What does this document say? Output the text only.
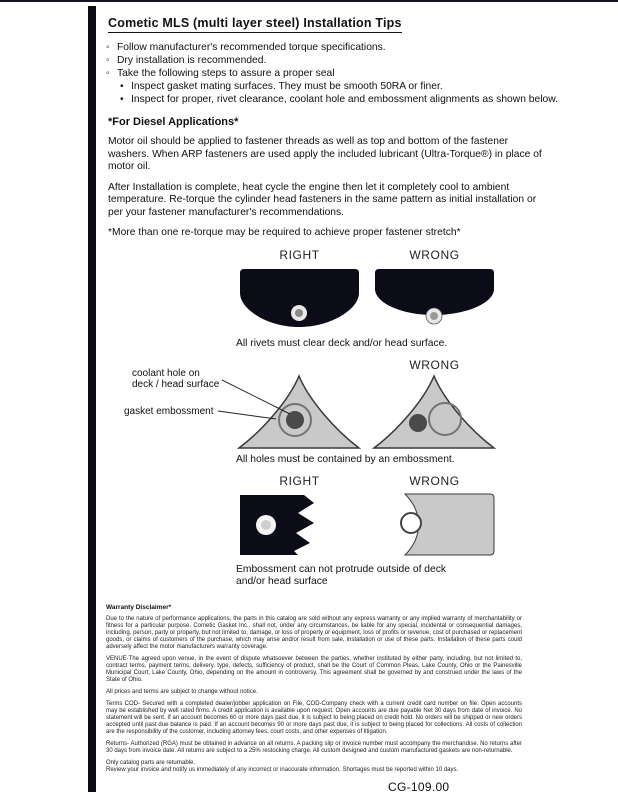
Cometic MLS (multi layer steel) Installation Tips
◦
Follow manufacturer's recommended torque specifications.
◦
Dry installation is recommended.
◦
Take the following steps to assure a proper seal
•
Inspect gasket mating surfaces. They must be smooth 50RA or finer.
•
Inspect for proper, rivet clearance, coolant hole and embossment alignments as shown below.
*For Diesel Applications*

Motor oil should be applied to fastener threads as well as top and bottom of the fastener washers. When ARP fasteners are used apply the included lubricant (Ultra-Torque®) in place of motor oil.

After Installation is complete, heat cycle the engine then let it completely cool to ambient temperature. Re-torque the cylinder head fasteners in the same pattern as initial installation or per your fastener manufacturer's recommendations.

*More than one re-torque may be required to achieve proper fastener stretch*

RIGHT	WRONG
All rivets must clear deck and/or head surface.
WRONG
All holes must be contained by an embossment.
coolant hole on
deck / head surface
gasket embossment
RIGHT	WRONG
Embossment can not protrude outside of deck
and/or head surface
Warranty Disclaimer*

Due to the nature of performance applications, the parts in this catalog are sold without any express warranty or any implied warranty of merchantability or fitness for a particular purpose. Cometic Gasket Inc., shall not, under any circumstances, be liable for any special, incidental or consequential damages, including, person, party or property, but not limited to, damage, or loss of property or equipment, loss of profits or revenue, cost of purchased or replacement goods, or claims of customers of the purchase, which may arise and/or result from sale, installation or use of these parts. Installation of these parts could adversely affect the motor manufacturers warranty coverage.

VENUE-The agreed upon venue, in the event of dispute whatsoever between the parties, whether instituted by either party, including, but not limited to, contract terms, payment terms, delivery, type, defects, sufficiency of product, shall be the Court of Common Pleas, Lake County, Ohio or the Painesville Municipal Court, Lake County, Ohio, depending on the amount in controversy. This agreement shall be governed by and construed under the laws of the State of Ohio.

All prices and terms are subject to change without notice.

Terms COD- Secured with a completed dealer/jobber application on File, COD-Company check with a current credit card number on file. Open accounts may be established by well rated firms. A credit application is available upon request. Open accounts are due payable Net 30 days from date of invoice. No statement will be sent. If an account becomes 60 or more days past due, it is subject to being placed on credit hold. No orders will be shipped or new orders accepted until past due balance is paid. If an account becomes 90 or more days past due, it is subject to being placed for collections. All costs of collection are the responsibility of the customer, including attorney fees, court costs, and other expenses of litigation.

Returns- Authorized (RGA) must be obtained in advance on all returns. A packing slip or invoice number must accompany the merchandise. No returns after 30 days from invoice date. All returns are subject to a 25% restocking charge. All custom designed and custom manufactured gaskets are non-returnable.

Only catalog parts are returnable.

Review your invoice and notify us immediately of any incorrect or inaccurate information. Shortages must be reported within 10 days.

CG-109.00
